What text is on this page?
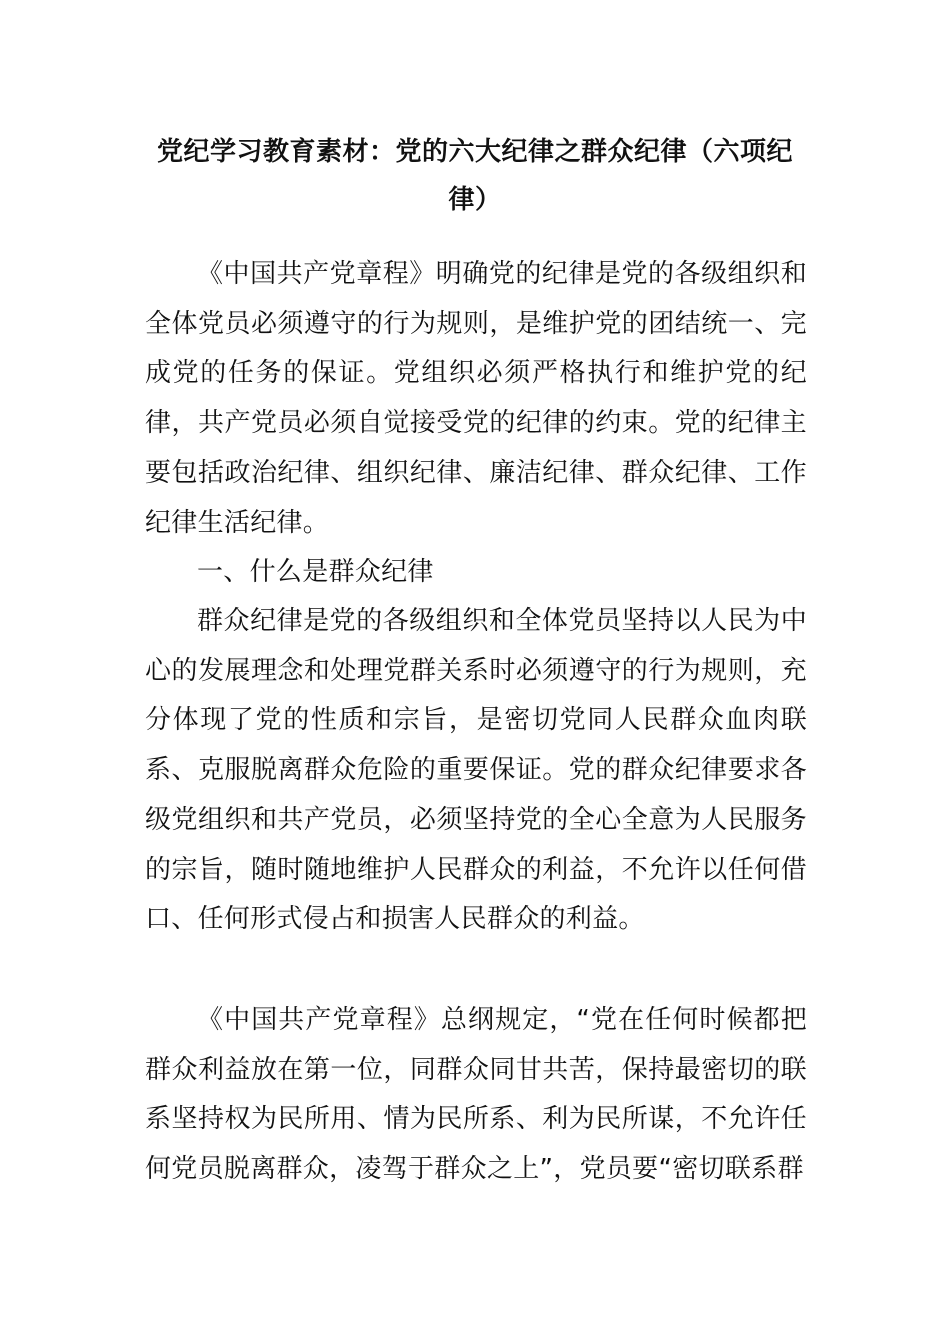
党纪学习教育素材：党的六大纪律之群众纪律（六项纪律）

《中国共产党章程》明确党的纪律是党的各级组织和全体党员必须遵守的行为规则，是维护党的团结统一、完成党的任务的保证。党组织必须严格执行和维护党的纪律，共产党员必须自觉接受党的纪律的约束。党的纪律主要包括政治纪律、组织纪律、廉洁纪律、群众纪律、工作纪律生活纪律。

一、什么是群众纪律

群众纪律是党的各级组织和全体党员坚持以人民为中心的发展理念和处理党群关系时必须遵守的行为规则，充分体现了党的性质和宗旨，是密切党同人民群众血肉联系、克服脱离群众危险的重要保证。党的群众纪律要求各级党组织和共产党员，必须坚持党的全心全意为人民服务的宗旨，随时随地维护人民群众的利益，不允许以任何借口、任何形式侵占和损害人民群众的利益。

《中国共产党章程》总纲规定，“党在任何时候都把群众利益放在第一位，同群众同甘共苦，保持最密切的联系坚持权为民所用、情为民所系、利为民所谋，不允许任何党员脱离群众，凌驾于群众之上”，党员要“密切联系群
